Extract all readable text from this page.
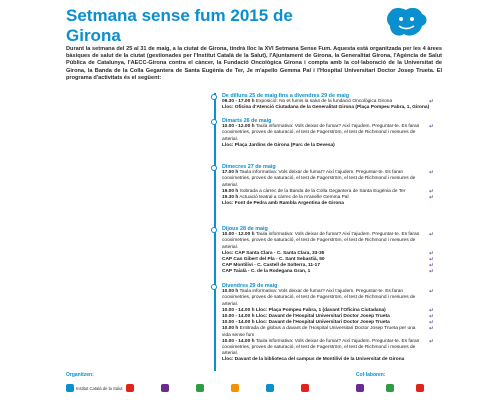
Setmana sense fum 2015 de
Girona
Durant la setmana del 25 al 31 de maig, a la ciutat de Girona, tindrà lloc la XVI Setmana Sense Fum. Aquesta està organitzada per les 4 àrees bàsiques de salut de la ciutat (gestionades per l'Institut Català de la Salut), l'Ajuntament de Girona, la Generalitat Girona, l'Agència de Salut Pública de Catalunya, l'AECC-Girona contra el càncer, la Fundació Oncològica Girona i compta amb la col·laboració de la Universitat de Girona, la Banda de la Colla Gegantera de Santa Eugènia de Ter, Je m'apello Gemma Pal i l'Hospital Universitari Doctor Josep Trueta. El programa d'activitats és el següent:
De dilluns 25 de maig fins a divendres 29 de maig
09.30 - 17.00 h Exposició: No et fumis la salut de la fundació Oncològica Girona	↵
Lloc: Oficina d'Atenció Ciutadana de la Generalitat Girona (Plaça Pompeu Fabra, 1, Girona)
Dimarts 26 de maig
10.00 - 12.00 h Taula informativa: Vols deixar de fumar? Així t'ajudem. Preguntar-te. Es faran cooximetries, proves de saturació, el test de Fagerström, el test de Richmond i mesures de arterial.
↵
Lloc: Plaça Jardins de Girona (Parc de la Devesa)
Dimecres 27 de maig
17.00 h Taula informativa: Vols deixar de fumar? Així t'ajudem. Preguntar-te. Es faran cooximetries, proves de saturació, el test de Fagerström, el test de Richmond i mesures de arterial.
↵
19.00 h Sobrada a càrrec de la Banda de la Colla Gegantera de Santa Eugènia de Ter	↵
19.30 h Actuació teatral a càrrec de la m'anelle Gemma Pal	↵
Lloc: Font de Pedra amb Rambla Argentina de Girona
Dijous 28 de maig
10.00 - 12.00 h Taula informativa: Vols deixar de fumar? Així t'ajudem. Preguntar-te. Es faran cooximetries, proves de saturació, el test de Fagerström, el test de Richmond i mesures de arterial.
↵
Lloc: CAP Santa Clara - C. Santa Clara, 33-35	↵
CAP Can Gibert del Pla - C. Sant Sebastià, 50	↵
CAP Montilivi - C. Castell de Solterra, 11-17	↵
CAP Taialà - C. de la Rodegana Gran, 1	↵
Divendres 29 de maig
10.00 h Taula informativa: Vols deixar de fumar? Així t'ajudem. Preguntar-te. Es faran cooximetries, proves de saturació, el test de Fagerström, el test de Richmond i mesures de arterial.
↵
10.00 - 14.00 h Lloc: Plaça Pompeu Fabra, 1 (davant l'Oficina Ciutadana)	↵
10.00 - 14.00 h Lloc: Davant de l'Hospital Universitari Doctor Josep Trueta	↵
10.00 - 14.00 h Lloc: Davant de l'Hospital Universitari Doctor Josep Trueta	↵
10.00 h Entitrada de globus a davant de l'Hospital Universitari Doctor Josep Trueta per una vida sense fum
↵
10.00 - 14.00 h Taula informativa: Vols deixar de fumar? Així t'ajudem. Preguntar-te. Es faran cooximetries, proves de saturació, el test de Fagerström, el test de Richmond i mesures de arterial.
↵
Lloc: Davant de la biblioteca del campus de Montilivi de la Universitat de Girona
Organitzen:	Col·laboren:
Institut Català de la Salut
